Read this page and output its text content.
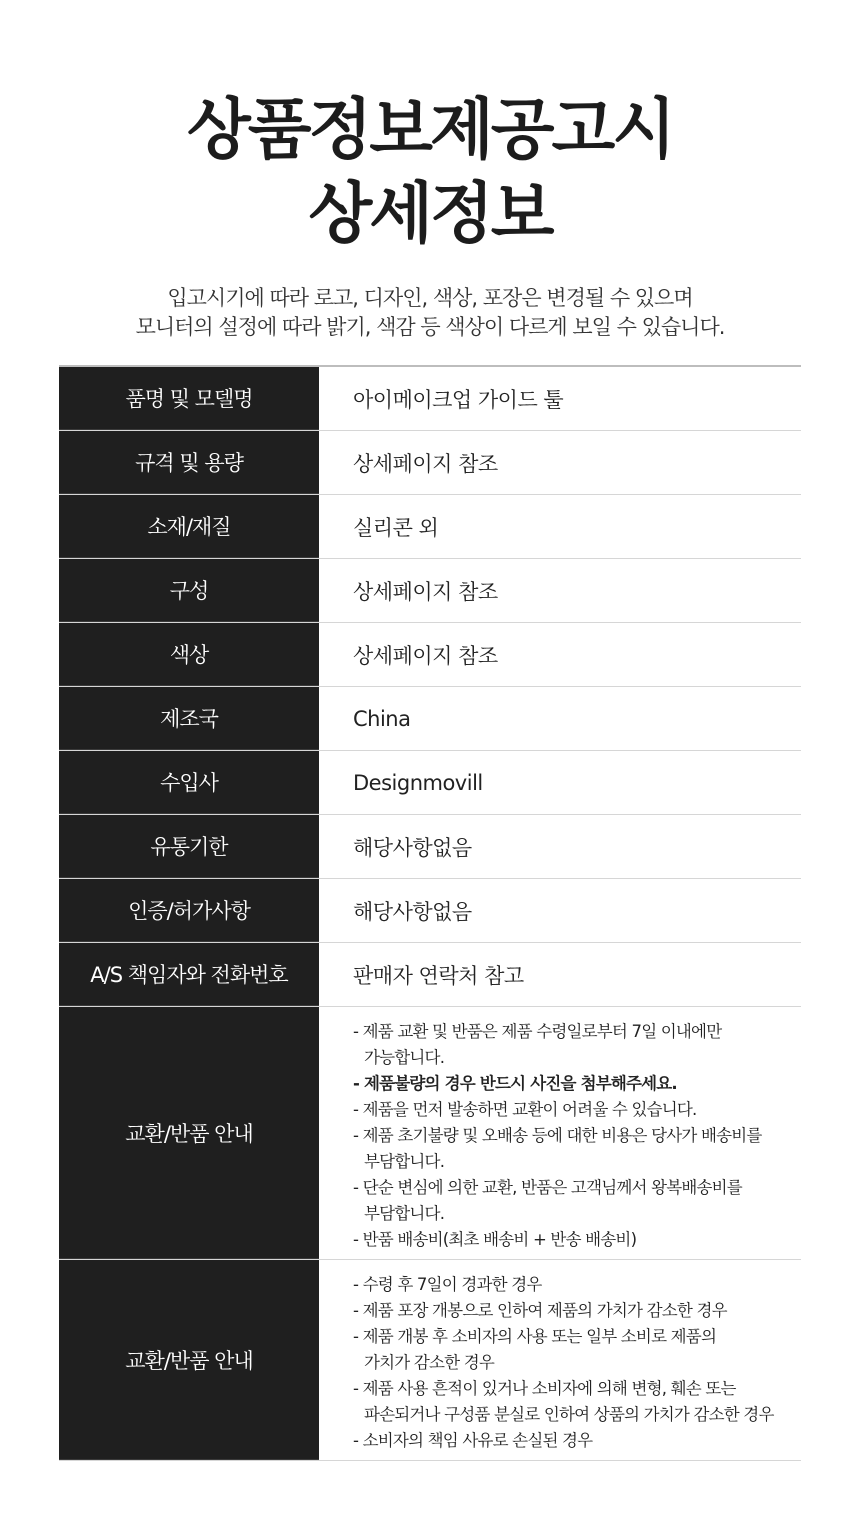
상품정보제공고시
상세정보
입고시기에 따라 로고, 디자인, 색상, 포장은 변경될 수 있으며
모니터의 설정에 따라 밝기, 색감 등 색상이 다르게 보일 수 있습니다.
품명 및 모델명	아이메이크업 가이드 툴
규격 및 용량	상세페이지 참조
소재/재질	실리콘 외
구성	상세페이지 참조
색상	상세페이지 참조
제조국	China
수입사	Designmovill
유통기한	해당사항없음
인증/허가사항	해당사항없음
A/S 책임자와 전화번호	판매자 연락처 참고
교환/반품 안내
- 제품 교환 및 반품은 제품 수령일로부터 7일 이내에만
가능합니다.
- 제품불량의 경우 반드시 사진을 첨부해주세요.
- 제품을 먼저 발송하면 교환이 어려울 수 있습니다.
- 제품 초기불량 및 오배송 등에 대한 비용은 당사가 배송비를
부담합니다.
- 단순 변심에 의한 교환, 반품은 고객님께서 왕복배송비를
부담합니다.
- 반품 배송비(최초 배송비 + 반송 배송비)
교환/반품 안내
- 수령 후 7일이 경과한 경우
- 제품 포장 개봉으로 인하여 제품의 가치가 감소한 경우
- 제품 개봉 후 소비자의 사용 또는 일부 소비로 제품의
가치가 감소한 경우
- 제품 사용 흔적이 있거나 소비자에 의해 변형, 훼손 또는
파손되거나 구성품 분실로 인하여 상품의 가치가 감소한 경우
- 소비자의 책임 사유로 손실된 경우
